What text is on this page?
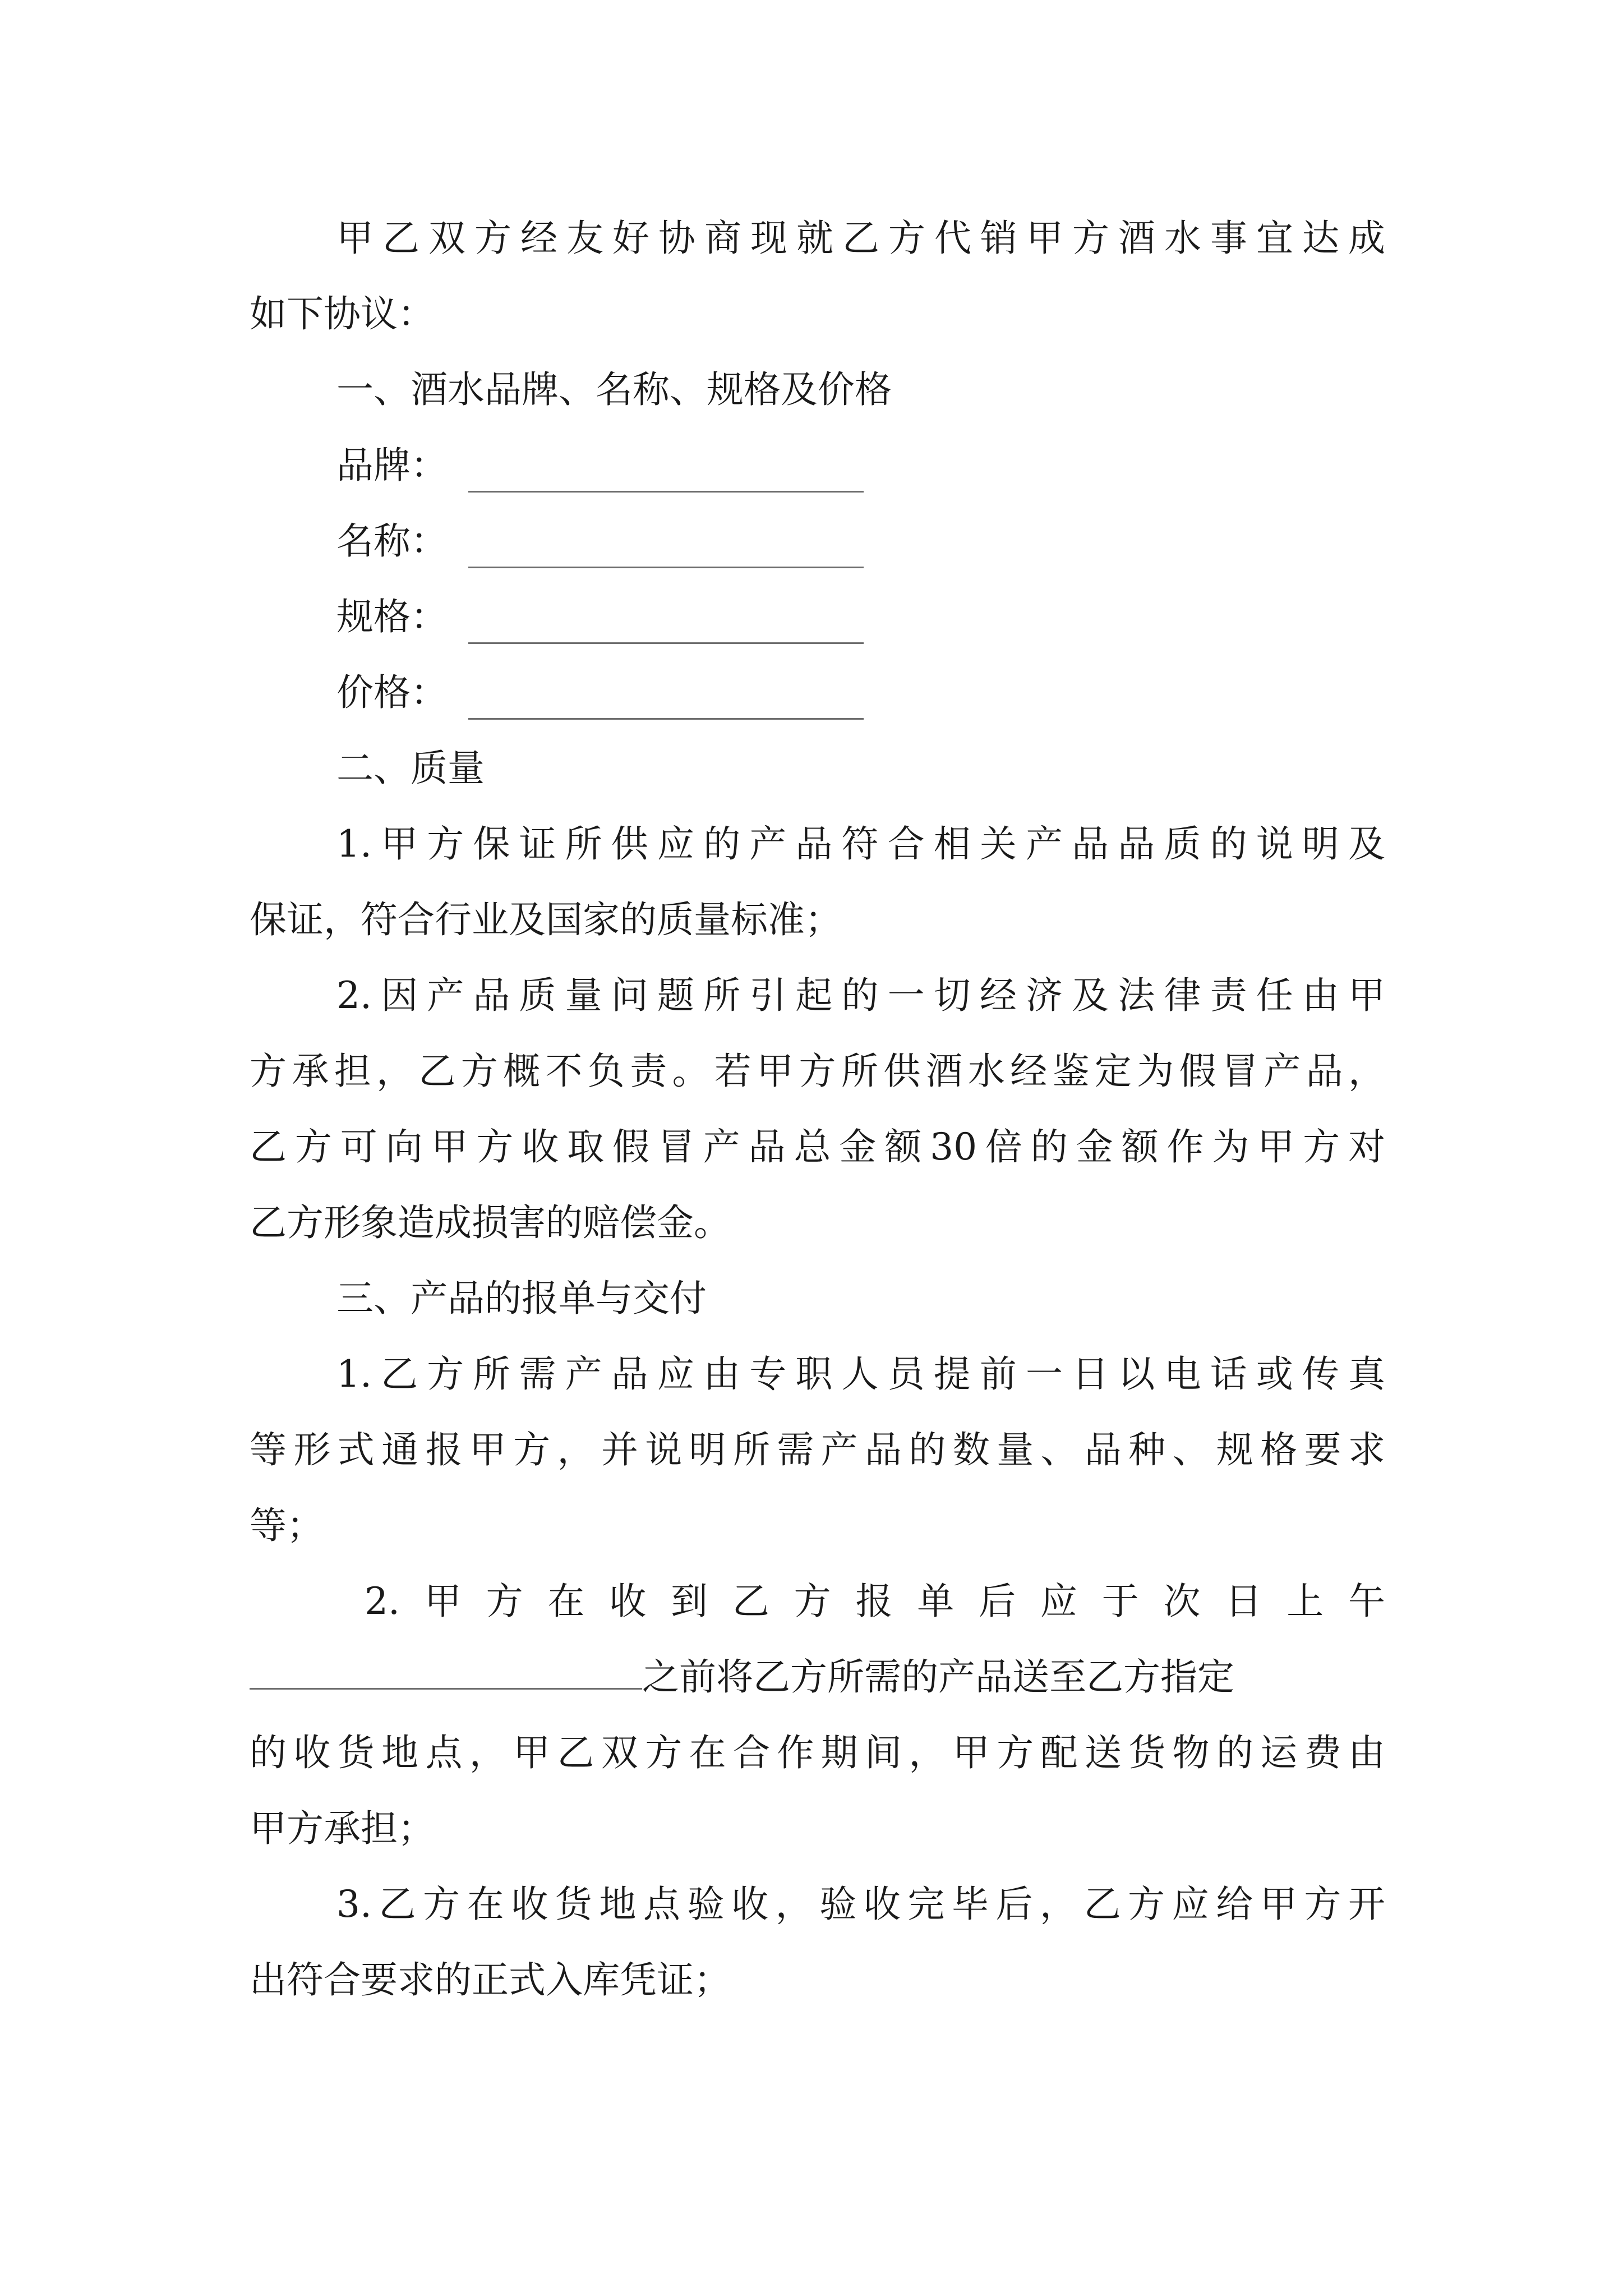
甲乙双方经友好协商现就乙方代销甲方酒水事宜达成
如下协议：
一、酒水品牌、名称、规格及价格
品牌：
名称：
规格：
价格：
二、质量
1.甲方保证所供应的产品符合相关产品品质的说明及
保证，符合行业及国家的质量标准；
2.因产品质量问题所引起的一切经济及法律责任由甲
方承担，乙方概不负责。若甲方所供酒水经鉴定为假冒产品，
乙方可向甲方收取假冒产品总金额30倍的金额作为甲方对
乙方形象造成损害的赔偿金。
三、产品的报单与交付
1.乙方所需产品应由专职人员提前一日以电话或传真
等形式通报甲方，并说明所需产品的数量、品种、规格要求
等；
2. 甲 方 在 收 到 乙 方 报 单 后 应 于 次 日 上 午
之前将乙方所需的产品送至乙方指定
的收货地点，甲乙双方在合作期间，甲方配送货物的运费由
甲方承担；
3.乙方在收货地点验收，验收完毕后，乙方应给甲方开
出符合要求的正式入库凭证；
